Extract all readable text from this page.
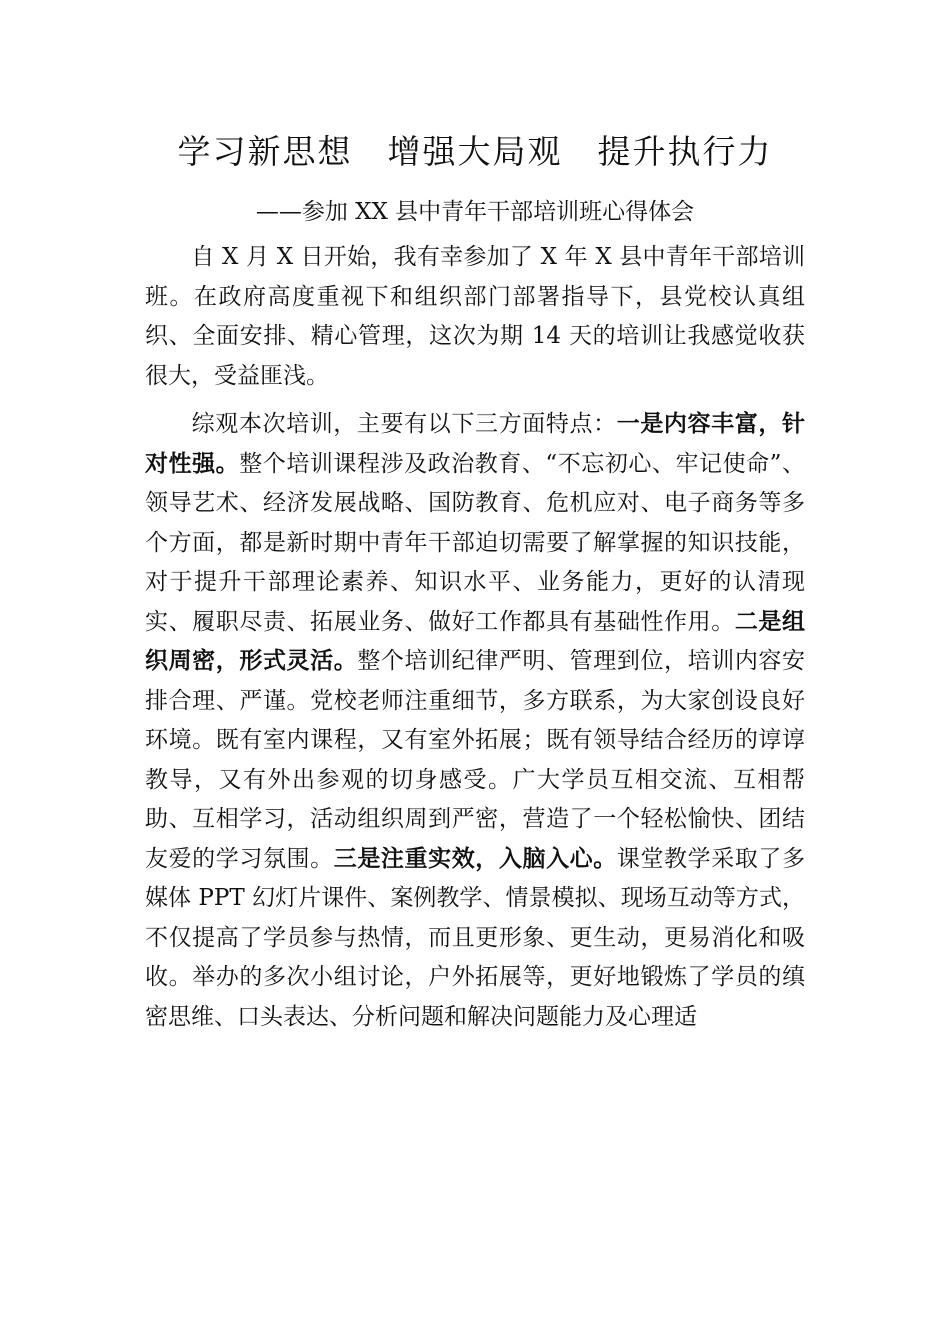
学习新思想　增强大局观　提升执行力
——参加 XX 县中青年干部培训班心得体会

自 X 月 X 日开始，我有幸参加了 X 年 X 县中青年干部培训班。在政府高度重视下和组织部门部署指导下，县党校认真组织、全面安排、精心管理，这次为期 14 天的培训让我感觉收获很大，受益匪浅。

综观本次培训，主要有以下三方面特点：一是内容丰富，针对性强。整个培训课程涉及政治教育、“不忘初心、牢记使命”、领导艺术、经济发展战略、国防教育、危机应对、电子商务等多个方面，都是新时期中青年干部迫切需要了解掌握的知识技能，对于提升干部理论素养、知识水平、业务能力，更好的认清现实、履职尽责、拓展业务、做好工作都具有基础性作用。二是组织周密，形式灵活。整个培训纪律严明、管理到位，培训内容安排合理、严谨。党校老师注重细节，多方联系，为大家创设良好环境。既有室内课程，又有室外拓展；既有领导结合经历的谆谆教导，又有外出参观的切身感受。广大学员互相交流、互相帮助、互相学习，活动组织周到严密，营造了一个轻松愉快、团结友爱的学习氛围。三是注重实效，入脑入心。课堂教学采取了多媒体 PPT 幻灯片课件、案例教学、情景模拟、现场互动等方式，不仅提高了学员参与热情，而且更形象、更生动，更易消化和吸收。举办的多次小组讨论，户外拓展等，更好地锻炼了学员的缜密思维、口头表达、分析问题和解决问题能力及心理适
